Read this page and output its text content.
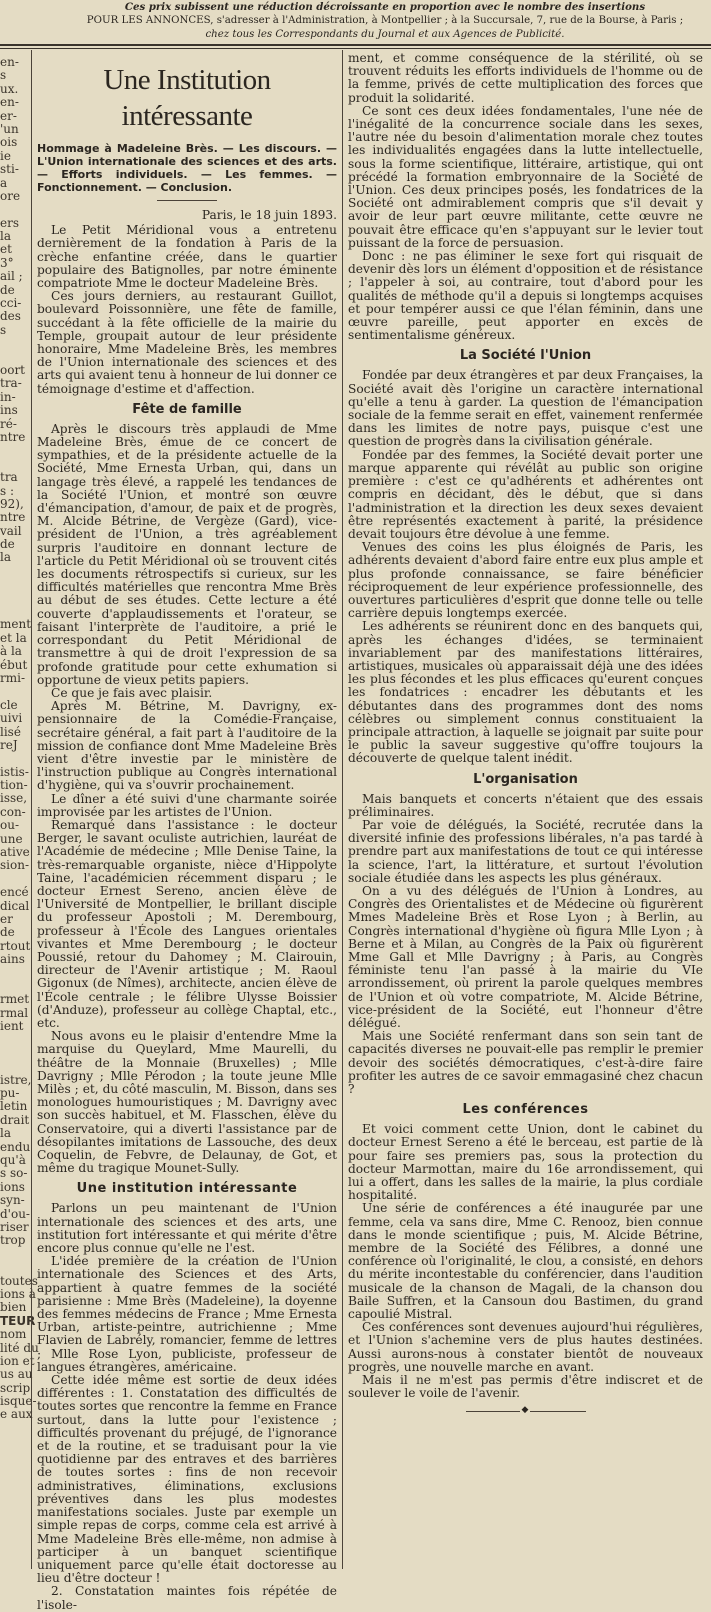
Ces prix subissent une réduction décroissante en proportion avec le nombre des insertions
POUR LES ANNONCES, s'adresser à l'Administration, à Montpellier ; à la Succursale, 7, rue de la Bourse, à Paris ;
chez tous les Correspondants du Journal et aux Agences de Publicité.
en-
s
ux.
en-
er-
'un
ois
ie
sti-
a
ore
ers
la
et
3°
ail ;
de
cci-
des
s
oort
tra-
in-
ins
ré-
ntre
tra
s :
92),
ntre
vail
de
la
ment
et la
à la
ébut
rmi-
cle
uivi
lisé
reJ
istis-
tion-
isse,
con-
ou-
une
ative
sion-
encé
dical
er
de
rtout
ains
rmet
rmal
ient
istre,
pu-
letin
drait
la
endu
qu'à
s so-
ions
syn-
d'ou-
riser
trop
toutes
ions à
bien
TEUR
nom
lité du
ion et
us au
scrip
isque-
e aux
Une Institution intéressante
Hommage à Madeleine Brès. — Les discours. — L'Union internationale des sciences et des arts. — Efforts individuels. — Les femmes. — Fonctionnement. — Conclusion.
Paris, le 18 juin 1893.

Le Petit Méridional vous a entretenu dernièrement de la fondation à Paris de la crèche enfantine créée, dans le quartier populaire des Batignolles, par notre éminente compatriote Mme le docteur Madeleine Brès.

Ces jours derniers, au restaurant Guillot, boulevard Poissonnière, une fête de famille, succédant à la fête officielle de la mairie du Temple, groupait autour de leur présidente honoraire, Mme Madeleine Brès, les membres de l'Union internationale des sciences et des arts qui avaient tenu à honneur de lui donner ce témoignage d'estime et d'affection.

Fête de famille

Après le discours très applaudi de Mme Madeleine Brès, émue de ce concert de sympathies, et de la présidente actuelle de la Société, Mme Ernesta Urban, qui, dans un langage très élevé, a rappelé les tendances de la Société l'Union, et montré son œuvre d'émancipation, d'amour, de paix et de progrès, M. Alcide Bétrine, de Vergèze (Gard), vice-président de l'Union, a très agréablement surpris l'auditoire en donnant lecture de l'article du Petit Méridional où se trouvent cités les documents rétrospectifs si curieux, sur les difficultés matérielles que rencontra Mme Brès au début de ses études. Cette lecture a été couverte d'applaudissements et l'orateur, se faisant l'interprète de l'auditoire, a prié le correspondant du Petit Méridional de transmettre à qui de droit l'expression de sa profonde gratitude pour cette exhumation si opportune de vieux petits papiers.

Ce que je fais avec plaisir.

Après M. Bétrine, M. Davrigny, ex-pensionnaire de la Comédie-Française, secrétaire général, a fait part à l'auditoire de la mission de confiance dont Mme Madeleine Brès vient d'être investie par le ministère de l'instruction publique au Congrès international d'hygiène, qui va s'ouvrir prochainement.

Le dîner a été suivi d'une charmante soirée improvisée par les artistes de l'Union.

Remarqué dans l'assistance : le docteur Berger, le savant oculiste autrichien, lauréat de l'Académie de médecine ; Mlle Denise Taine, la très-remarquable organiste, nièce d'Hippolyte Taine, l'académicien récemment disparu ; le docteur Ernest Sereno, ancien élève de l'Université de Montpellier, le brillant disciple du professeur Apostoli ; M. Derembourg, professeur à l'École des Langues orientales vivantes et Mme Derembourg ; le docteur Poussié, retour du Dahomey ; M. Clairouin, directeur de l'Avenir artistique ; M. Raoul Gigonux (de Nîmes), architecte, ancien élève de l'École centrale ; le félibre Ulysse Boissier (d'Anduze), professeur au collège Chaptal, etc., etc.

Nous avons eu le plaisir d'entendre Mme la marquise du Queylard, Mme Maurelli, du théâtre de la Monnaie (Bruxelles) ; Mlle Davrigny ; Mlle Pérodon ; la toute jeune Mlle Milès ; et, du côté masculin, M. Bisson, dans ses monologues humouristiques ; M. Davrigny avec son succès habituel, et M. Flasschen, élève du Conservatoire, qui a diverti l'assistance par de désopilantes imitations de Lassouche, des deux Coquelin, de Febvre, de Delaunay, de Got, et même du tragique Mounet-Sully.

Une institution intéressante

Parlons un peu maintenant de l'Union internationale des sciences et des arts, une institution fort intéressante et qui mérite d'être encore plus connue qu'elle ne l'est.

L'idée première de la création de l'Union internationale des Sciences et des Arts, appartient à quatre femmes de la société parisienne : Mme Brès (Madeleine), la doyenne des femmes médecins de France ; Mme Ernesta Urban, artiste-peintre, autrichienne ; Mme Flavien de Labrély, romancier, femme de lettres ; Mlle Rose Lyon, publiciste, professeur de langues étrangères, américaine.

Cette idée même est sortie de deux idées différentes : 1. Constatation des difficultés de toutes sortes que rencontre la femme en France surtout, dans la lutte pour l'existence ; difficultés provenant du préjugé, de l'ignorance et de la routine, et se traduisant pour la vie quotidienne par des entraves et des barrières de toutes sortes : fins de non recevoir administratives, éliminations, exclusions préventives dans les plus modestes manifestations sociales. Juste par exemple un simple repas de corps, comme cela est arrivé à Mme Madeleine Brès elle-même, non admise à participer à un banquet scientifique uniquement parce qu'elle était doctoresse au lieu d'être docteur !

2. Constatation maintes fois répétée de l'isole-

ment, et comme conséquence de la stérilité, où se trouvent réduits les efforts individuels de l'homme ou de la femme, privés de cette multiplication des forces que produit la solidarité.

Ce sont ces deux idées fondamentales, l'une née de l'inégalité de la concurrence sociale dans les sexes, l'autre née du besoin d'alimentation morale chez toutes les individualités engagées dans la lutte intellectuelle, sous la forme scientifique, littéraire, artistique, qui ont précédé la formation embryonnaire de la Société de l'Union. Ces deux principes posés, les fondatrices de la Société ont admirablement compris que s'il devait y avoir de leur part œuvre militante, cette œuvre ne pouvait être efficace qu'en s'appuyant sur le levier tout puissant de la force de persuasion.

Donc : ne pas éliminer le sexe fort qui risquait de devenir dès lors un élément d'opposition et de résistance ; l'appeler à soi, au contraire, tout d'abord pour les qualités de méthode qu'il a depuis si longtemps acquises et pour tempérer aussi ce que l'élan féminin, dans une œuvre pareille, peut apporter en excès de sentimentalisme généreux.

La Société l'Union

Fondée par deux étrangères et par deux Françaises, la Société avait dès l'origine un caractère international qu'elle a tenu à garder. La question de l'émancipation sociale de la femme serait en effet, vainement renfermée dans les limites de notre pays, puisque c'est une question de progrès dans la civilisation générale.

Fondée par des femmes, la Société devait porter une marque apparente qui révélât au public son origine première : c'est ce qu'adhérents et adhérentes ont compris en décidant, dès le début, que si dans l'administration et la direction les deux sexes devaient être représentés exactement à parité, la présidence devait toujours être dévolue à une femme.

Venues des coins les plus éloignés de Paris, les adhérents devaient d'abord faire entre eux plus ample et plus profonde connaissance, se faire bénéficier réciproquement de leur expérience professionnelle, des ouvertures particulières d'esprit que donne telle ou telle carrière depuis longtemps exercée.

Les adhérents se réunirent donc en des banquets qui, après les échanges d'idées, se terminaient invariablement par des manifestations littéraires, artistiques, musicales où apparaissait déjà une des idées les plus fécondes et les plus efficaces qu'eurent conçues les fondatrices : encadrer les débutants et les débutantes dans des programmes dont des noms célèbres ou simplement connus constituaient la principale attraction, à laquelle se joignait par suite pour le public la saveur suggestive qu'offre toujours la découverte de quelque talent inédit.

L'organisation

Mais banquets et concerts n'étaient que des essais préliminaires.

Par voie de délégués, la Société, recrutée dans la diversité infinie des professions libérales, n'a pas tardé à prendre part aux manifestations de tout ce qui intéresse la science, l'art, la littérature, et surtout l'évolution sociale étudiée dans les aspects les plus généraux.

On a vu des délégués de l'Union à Londres, au Congrès des Orientalistes et de Médecine où figurèrent Mmes Madeleine Brès et Rose Lyon ; à Berlin, au Congrès international d'hygiène où figura Mlle Lyon ; à Berne et à Milan, au Congrès de la Paix où figurèrent Mme Gall et Mlle Davrigny ; à Paris, au Congrès féministe tenu l'an passé à la mairie du VIe arrondissement, où prirent la parole quelques membres de l'Union et où votre compatriote, M. Alcide Bétrine, vice-président de la Société, eut l'honneur d'être délégué.

Mais une Société renfermant dans son sein tant de capacités diverses ne pouvait-elle pas remplir le premier devoir des sociétés démocratiques, c'est-à-dire faire profiter les autres de ce savoir emmagasiné chez chacun ?

Les conférences

Et voici comment cette Union, dont le cabinet du docteur Ernest Sereno a été le berceau, est partie de là pour faire ses premiers pas, sous la protection du docteur Marmottan, maire du 16e arrondissement, qui lui a offert, dans les salles de la mairie, la plus cordiale hospitalité.

Une série de conférences a été inaugurée par une femme, cela va sans dire, Mme C. Renooz, bien connue dans le monde scientifique ; puis, M. Alcide Bétrine, membre de la Société des Félibres, a donné une conférence où l'originalité, le clou, a consisté, en dehors du mérite incontestable du conférencier, dans l'audition musicale de la chanson de Magali, de la chanson dou Baile Suffren, et la Cansoun dou Bastimen, du grand capoulié Mistral.

Ces conférences sont devenues aujourd'hui régulières, et l'Union s'achemine vers de plus hautes destinées. Aussi aurons-nous à constater bientôt de nouveaux progrès, une nouvelle marche en avant.

Mais il ne m'est pas permis d'être indiscret et de soulever le voile de l'avenir.

◆
